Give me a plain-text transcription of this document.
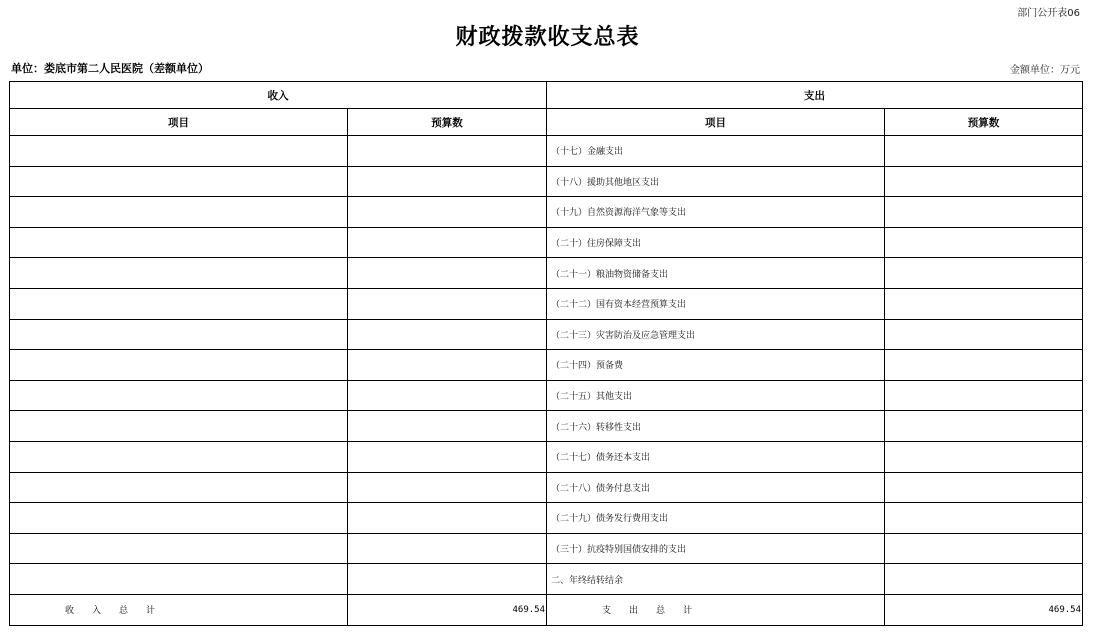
部门公开表06
财政拨款收支总表
单位：娄底市第二人民医院（差额单位）	金额单位：万元
收入		支出	
项目	预算数	项目	预算数
		（十七）金融支出	
		（十八）援助其他地区支出	
		（十九）自然资源海洋气象等支出	
		（二十）住房保障支出	
		（二十一）粮油物资储备支出	
		（二十二）国有资本经营预算支出	
		（二十三）灾害防治及应急管理支出	
		（二十四）预备费	
		（二十五）其他支出	
		（二十六）转移性支出	
		（二十七）债务还本支出	
		（二十八）债务付息支出	
		（二十九）债务发行费用支出	
		（三十）抗疫特别国债安排的支出	
		二、年终结转结余	
收入总计	469.54	支出总计	469.54
